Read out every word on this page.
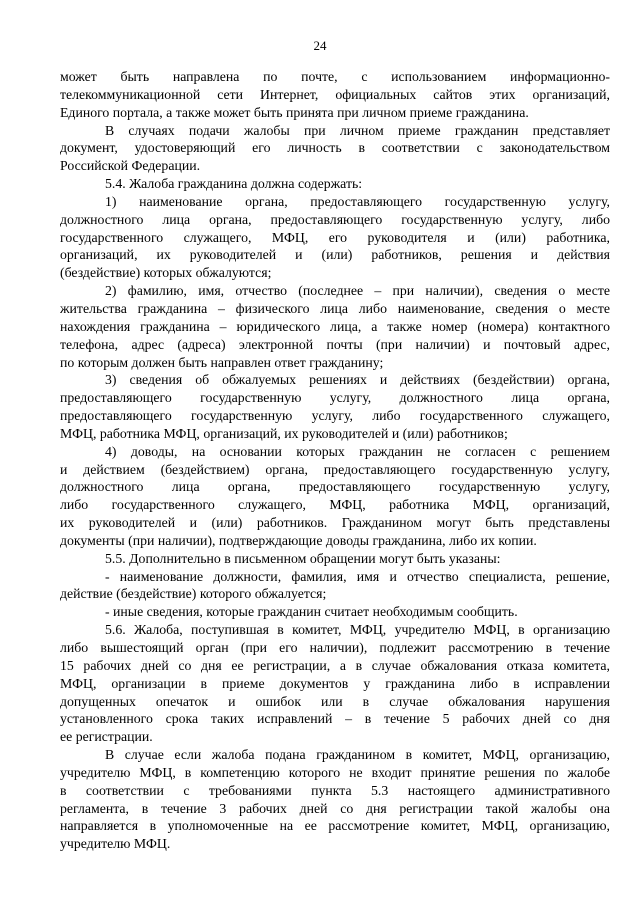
24
может быть направлена по почте, с использованием информационно-
телекоммуникационной сети Интернет, официальных сайтов этих организаций,
Единого портала, а также может быть принята при личном приеме гражданина.
В случаях подачи жалобы при личном приеме гражданин представляет
документ, удостоверяющий его личность в соответствии с законодательством
Российской Федерации.
5.4. Жалоба гражданина должна содержать:
1) наименование органа, предоставляющего государственную услугу,
должностного лица органа, предоставляющего государственную услугу, либо
государственного служащего, МФЦ, его руководителя и (или) работника,
организаций, их руководителей и (или) работников, решения и действия
(бездействие) которых обжалуются;
2) фамилию, имя, отчество (последнее – при наличии), сведения о месте
жительства гражданина – физического лица либо наименование, сведения о месте
нахождения гражданина – юридического лица, а также номер (номера) контактного
телефона, адрес (адреса) электронной почты (при наличии) и почтовый адрес,
по которым должен быть направлен ответ гражданину;
3) сведения об обжалуемых решениях и действиях (бездействии) органа,
предоставляющего государственную услугу, должностного лица органа,
предоставляющего государственную услугу, либо государственного служащего,
МФЦ, работника МФЦ, организаций, их руководителей и (или) работников;
4) доводы, на основании которых гражданин не согласен с решением
и действием (бездействием) органа, предоставляющего государственную услугу,
должностного лица органа, предоставляющего государственную услугу,
либо государственного служащего, МФЦ, работника МФЦ, организаций,
их руководителей и (или) работников. Гражданином могут быть представлены
документы (при наличии), подтверждающие доводы гражданина, либо их копии.
5.5. Дополнительно в письменном обращении могут быть указаны:
- наименование должности, фамилия, имя и отчество специалиста, решение,
действие (бездействие) которого обжалуется;
- иные сведения, которые гражданин считает необходимым сообщить.
5.6. Жалоба, поступившая в комитет, МФЦ, учредителю МФЦ, в организацию
либо вышестоящий орган (при его наличии), подлежит рассмотрению в течение
15 рабочих дней со дня ее регистрации, а в случае обжалования отказа комитета,
МФЦ, организации в приеме документов у гражданина либо в исправлении
допущенных опечаток и ошибок или в случае обжалования нарушения
установленного срока таких исправлений – в течение 5 рабочих дней со дня
ее регистрации.
В случае если жалоба подана гражданином в комитет, МФЦ, организацию,
учредителю МФЦ, в компетенцию которого не входит принятие решения по жалобе
в соответствии с требованиями пункта 5.3 настоящего административного
регламента, в течение 3 рабочих дней со дня регистрации такой жалобы она
направляется в уполномоченные на ее рассмотрение комитет, МФЦ, организацию,
учредителю МФЦ.
